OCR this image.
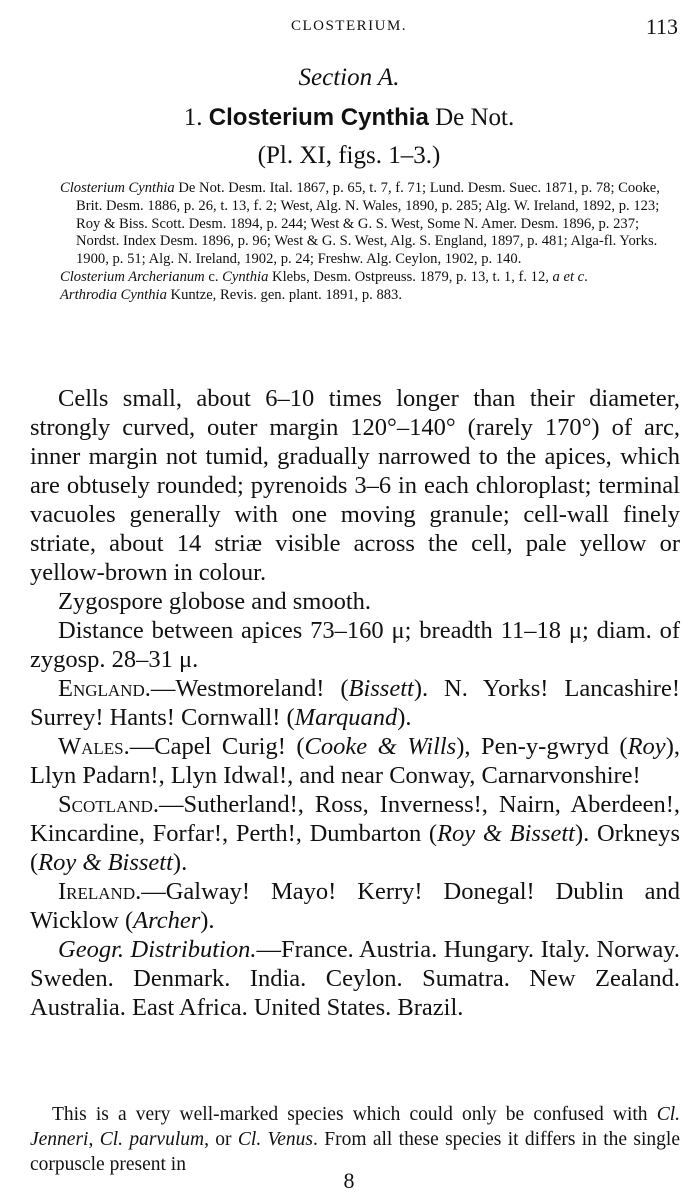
CLOSTERIUM.	113
Section A.
1. Closterium Cynthia De Not.
(Pl. XI, figs. 1–3.)

Closterium Cynthia De Not. Desm. Ital. 1867, p. 65, t. 7, f. 71; Lund. Desm. Suec. 1871, p. 78; Cooke, Brit. Desm. 1886, p. 26, t. 13, f. 2; West, Alg. N. Wales, 1890, p. 285; Alg. W. Ireland, 1892, p. 123; Roy & Biss. Scott. Desm. 1894, p. 244; West & G. S. West, Some N. Amer. Desm. 1896, p. 237; Nordst. Index Desm. 1896, p. 96; West & G. S. West, Alg. S. England, 1897, p. 481; Alga-fl. Yorks. 1900, p. 51; Alg. N. Ireland, 1902, p. 24; Freshw. Alg. Ceylon, 1902, p. 140.

Closterium Archerianum c. Cynthia Klebs, Desm. Ostpreuss. 1879, p. 13, t. 1, f. 12, a et c.

Arthrodia Cynthia Kuntze, Revis. gen. plant. 1891, p. 883.

Cells small, about 6–10 times longer than their diameter, strongly curved, outer margin 120°–140° (rarely 170°) of arc, inner margin not tumid, gradually narrowed to the apices, which are obtusely rounded; pyrenoids 3–6 in each chloroplast; terminal vacuoles generally with one moving granule; cell-wall finely striate, about 14 striæ visible across the cell, pale yellow or yellow-brown in colour.

Zygospore globose and smooth.

Distance between apices 73–160 μ; breadth 11–18 μ; diam. of zygosp. 28–31 μ.

England.—Westmoreland! (Bissett). N. Yorks! Lancashire! Surrey! Hants! Cornwall! (Marquand).

Wales.—Capel Curig! (Cooke & Wills), Pen-y-gwryd (Roy), Llyn Padarn!, Llyn Idwal!, and near Conway, Carnarvonshire!

Scotland.—Sutherland!, Ross, Inverness!, Nairn, Aberdeen!, Kincardine, Forfar!, Perth!, Dumbarton (Roy & Bissett). Orkneys (Roy & Bissett).

Ireland.—Galway! Mayo! Kerry! Donegal! Dublin and Wicklow (Archer).

Geogr. Distribution.—France. Austria. Hungary. Italy. Norway. Sweden. Denmark. India. Ceylon. Sumatra. New Zealand. Australia. East Africa. United States. Brazil.

This is a very well-marked species which could only be confused with Cl. Jenneri, Cl. parvulum, or Cl. Venus. From all these species it differs in the single corpuscle present in

8
